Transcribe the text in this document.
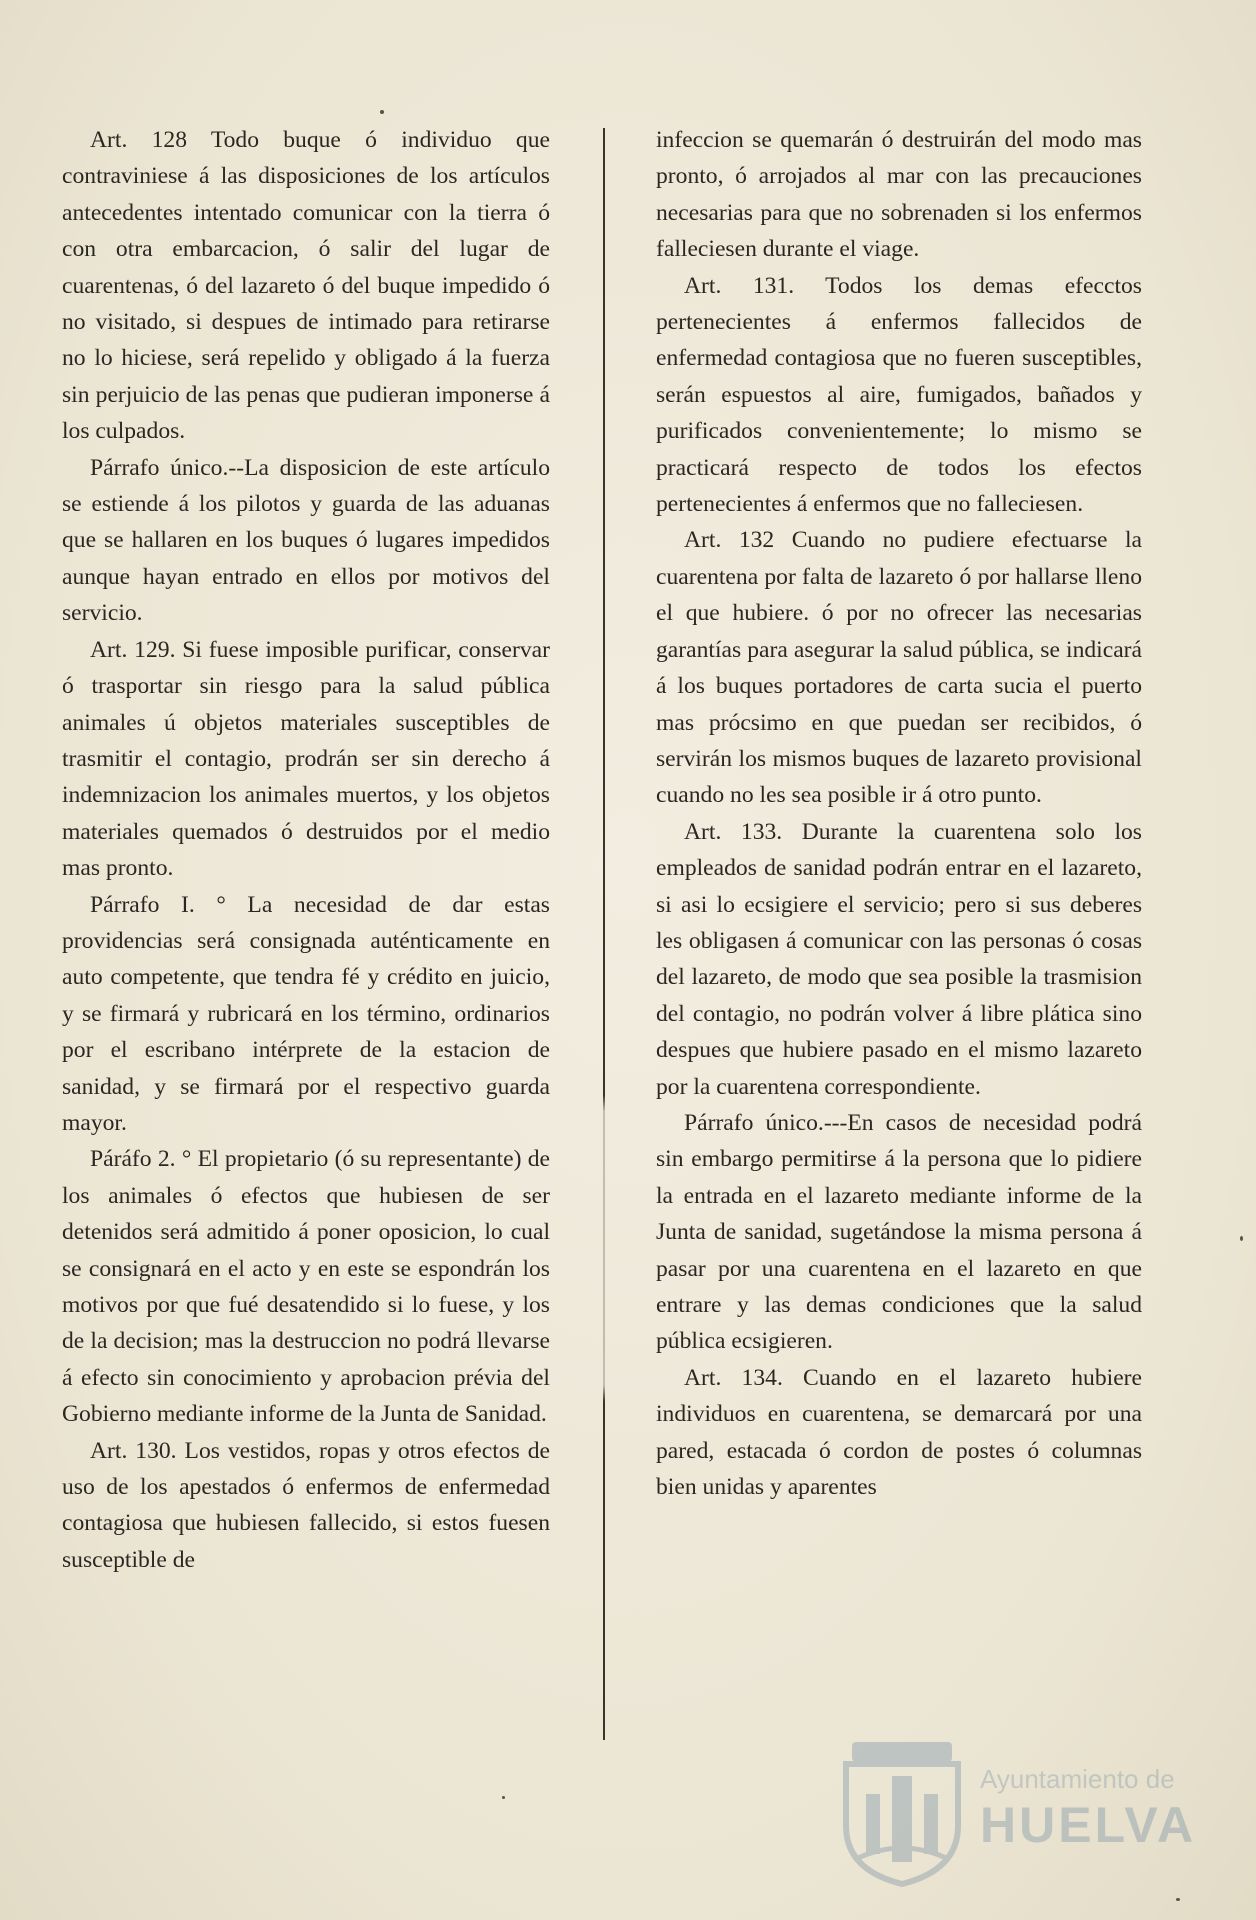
Art. 128 Todo buque ó individuo que contraviniese á las disposiciones de los artículos antecedentes intentado comunicar con la tierra ó con otra embarcacion, ó salir del lugar de cuarentenas, ó del lazareto ó del buque impedido ó no visitado, si despues de intimado para retirarse no lo hiciese, será repelido y obligado á la fuerza sin perjuicio de las penas que pudieran imponerse á los culpados.

Párrafo único.--La disposicion de este artículo se estiende á los pilotos y guarda de las aduanas que se hallaren en los buques ó lugares impedidos aunque hayan entrado en ellos por motivos del servicio.

Art. 129. Si fuese imposible purificar, conservar ó trasportar sin riesgo para la salud pública animales ú objetos materiales susceptibles de trasmitir el contagio, prodrán ser sin derecho á indemnizacion los animales muertos, y los objetos materiales quemados ó destruidos por el medio mas pronto.

Párrafo I. ° La necesidad de dar estas providencias será consignada auténticamente en auto competente, que tendra fé y crédito en juicio, y se firmará y rubricará en los término, ordinarios por el escribano intérprete de la estacion de sanidad, y se firmará por el respectivo guarda mayor.

Páráfo 2. ° El propietario (ó su representante) de los animales ó efectos que hubiesen de ser detenidos será admitido á poner oposicion, lo cual se consignará en el acto y en este se espondrán los motivos por que fué desatendido si lo fuese, y los de la decision; mas la destruccion no podrá llevarse á efecto sin conocimiento y aprobacion prévia del Gobierno mediante informe de la Junta de Sanidad.

Art. 130. Los vestidos, ropas y otros efectos de uso de los apestados ó enfermos de enfermedad contagiosa que hubiesen fallecido, si estos fuesen susceptible de

infeccion se quemarán ó destruirán del modo mas pronto, ó arrojados al mar con las precauciones necesarias para que no sobrenaden si los enfermos falleciesen durante el viage.

Art. 131. Todos los demas efecctos pertenecientes á enfermos fallecidos de enfermedad contagiosa que no fueren susceptibles, serán espuestos al aire, fumigados, bañados y purificados convenientemente; lo mismo se practicará respecto de todos los efectos pertenecientes á enfermos que no falleciesen.

Art. 132 Cuando no pudiere efectuarse la cuarentena por falta de lazareto ó por hallarse lleno el que hubiere. ó por no ofrecer las necesarias garantías para asegurar la salud pública, se indicará á los buques portadores de carta sucia el puerto mas prócsimo en que puedan ser recibidos, ó servirán los mismos buques de lazareto provisional cuando no les sea posible ir á otro punto.

Art. 133. Durante la cuarentena solo los empleados de sanidad podrán entrar en el lazareto, si asi lo ecsigiere el servicio; pero si sus deberes les obligasen á comunicar con las personas ó cosas del lazareto, de modo que sea posible la trasmision del contagio, no podrán volver á libre plática sino despues que hubiere pasado en el mismo lazareto por la cuarentena correspondiente.

Párrafo único.---En casos de necesidad podrá sin embargo permitirse á la persona que lo pidiere la entrada en el lazareto mediante informe de la Junta de sanidad, sugetándose la misma persona á pasar por una cuarentena en el lazareto en que entrare y las demas condiciones que la salud pública ecsigieren.

Art. 134. Cuando en el lazareto hubiere individuos en cuarentena, se demarcará por una pared, estacada ó cordon de postes ó columnas bien unidas y aparentes

Ayuntamiento de
HUELVA
